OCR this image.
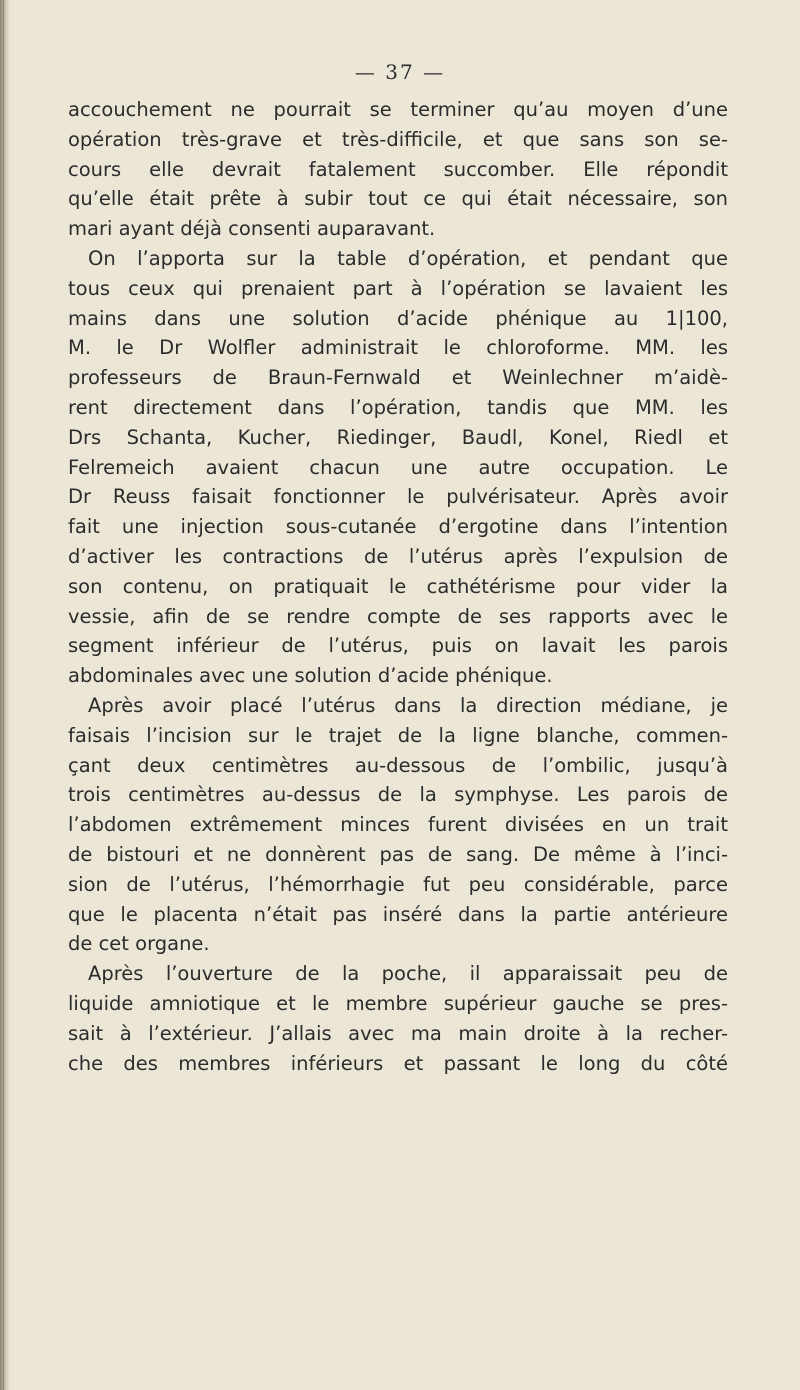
— 37 —
accouchement ne pourrait se terminer qu’au moyen d’une
opération très-grave et très-difficile, et que sans son se-
cours elle devrait fatalement succomber. Elle répondit
qu’elle était prête à subir tout ce qui était nécessaire, son
mari ayant déjà consenti auparavant.
On l’apporta sur la table d’opération, et pendant que
tous ceux qui prenaient part à l’opération se lavaient les
mains dans une solution d’acide phénique au 1|100,
M. le Dr Wolfler administrait le chloroforme. MM. les
professeurs de Braun-Fernwald et Weinlechner m’aidè-
rent directement dans l’opération, tandis que MM. les
Drs Schanta, Kucher, Riedinger, Baudl, Konel, Riedl et
Felremeich avaient chacun une autre occupation. Le
Dr Reuss faisait fonctionner le pulvérisateur. Après avoir
fait une injection sous-cutanée d’ergotine dans l’intention
d’activer les contractions de l’utérus après l’expulsion de
son contenu, on pratiquait le cathétérisme pour vider la
vessie, afin de se rendre compte de ses rapports avec le
segment inférieur de l’utérus, puis on lavait les parois
abdominales avec une solution d’acide phénique.
Après avoir placé l’utérus dans la direction médiane, je
faisais l’incision sur le trajet de la ligne blanche, commen-
çant deux centimètres au-dessous de l’ombilic, jusqu’à
trois centimètres au-dessus de la symphyse. Les parois de
l’abdomen extrêmement minces furent divisées en un trait
de bistouri et ne donnèrent pas de sang. De même à l’inci-
sion de l’utérus, l’hémorrhagie fut peu considérable, parce
que le placenta n’était pas inséré dans la partie antérieure
de cet organe.
Après l’ouverture de la poche, il apparaissait peu de
liquide amniotique et le membre supérieur gauche se pres-
sait à l’extérieur. J’allais avec ma main droite à la recher-
che des membres inférieurs et passant le long du côté
